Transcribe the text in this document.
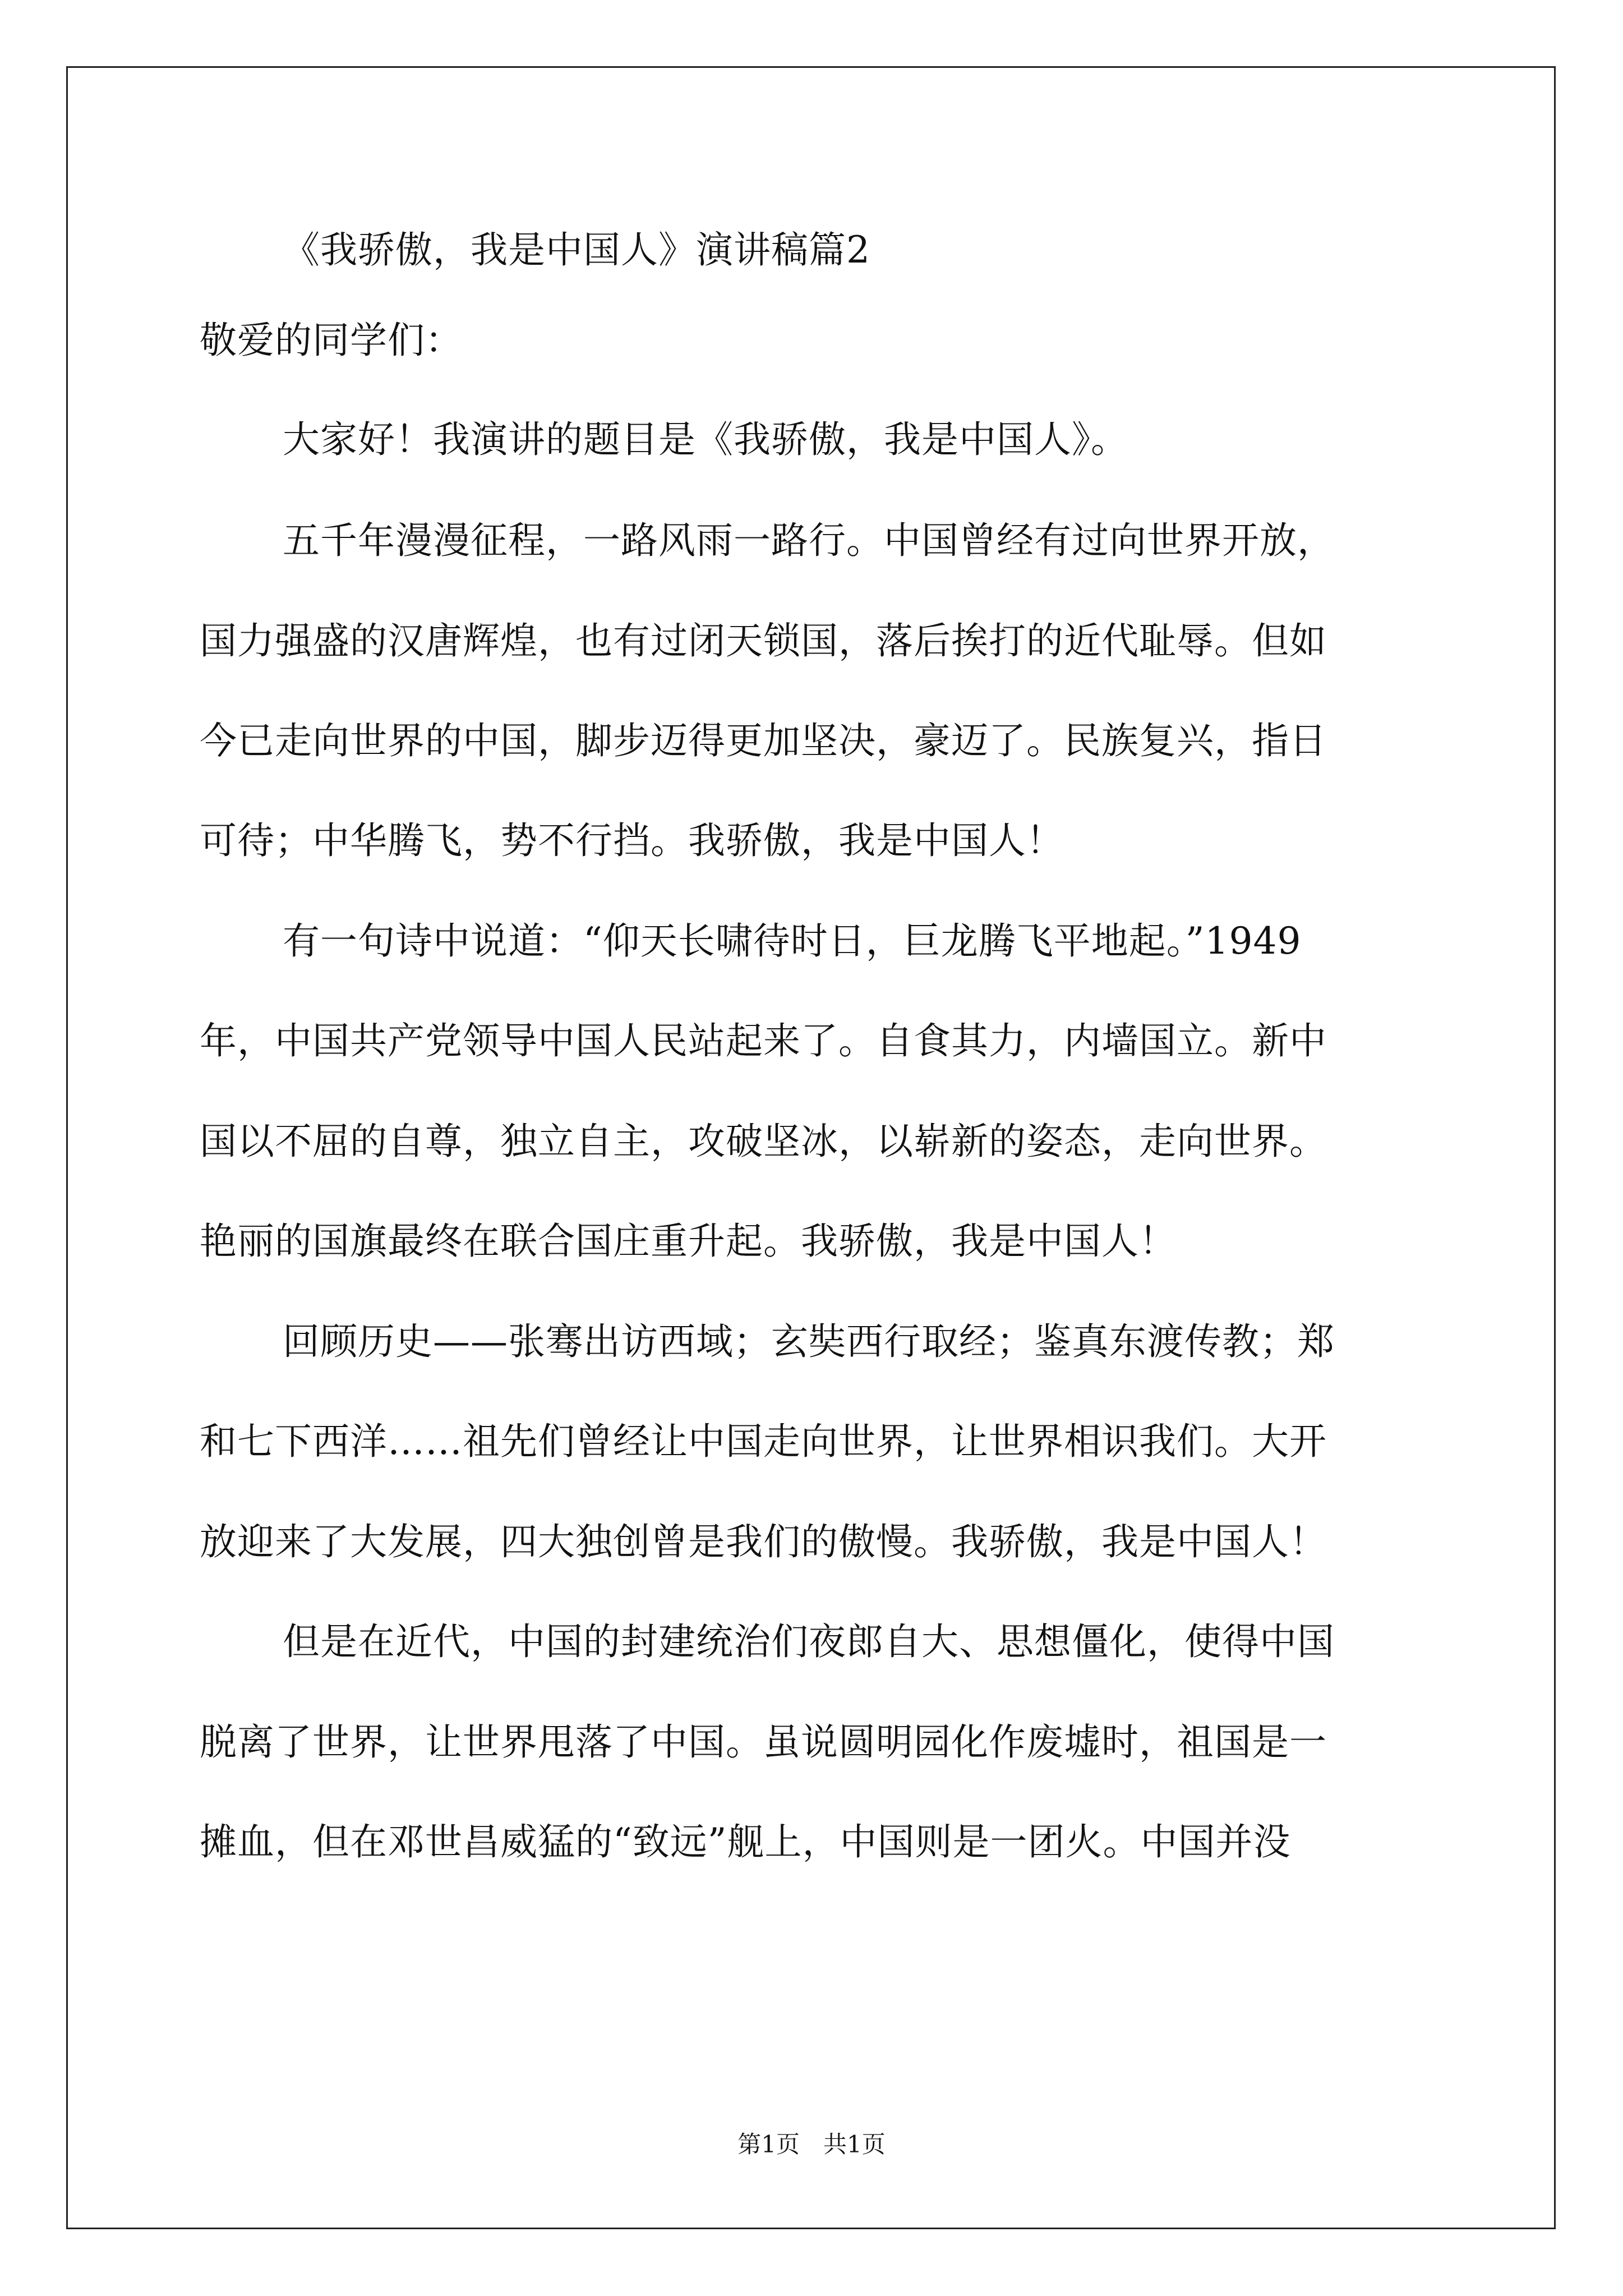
《我骄傲，我是中国人》演讲稿篇2
敬爱的同学们：
大家好！我演讲的题目是《我骄傲，我是中国人》。
五千年漫漫征程，一路风雨一路行。中国曾经有过向世界开放，
国力强盛的汉唐辉煌，也有过闭天锁国，落后挨打的近代耻辱。但如
今已走向世界的中国，脚步迈得更加坚决，豪迈了。民族复兴，指日
可待；中华腾飞，势不行挡。我骄傲，我是中国人！
有一句诗中说道：“仰天长啸待时日，巨龙腾飞平地起。”1949
年，中国共产党领导中国人民站起来了。自食其力，内墙国立。新中
国以不屈的自尊，独立自主，攻破坚冰，以崭新的姿态，走向世界。
艳丽的国旗最终在联合国庄重升起。我骄傲，我是中国人！
回顾历史——张骞出访西域；玄奘西行取经；鉴真东渡传教；郑
和七下西洋……祖先们曾经让中国走向世界，让世界相识我们。大开
放迎来了大发展，四大独创曾是我们的傲慢。我骄傲，我是中国人！
但是在近代，中国的封建统治们夜郎自大、思想僵化，使得中国
脱离了世界，让世界甩落了中国。虽说圆明园化作废墟时，祖国是一
摊血，但在邓世昌威猛的“致远”舰上，中国则是一团火。中国并没
第1页　共1页
